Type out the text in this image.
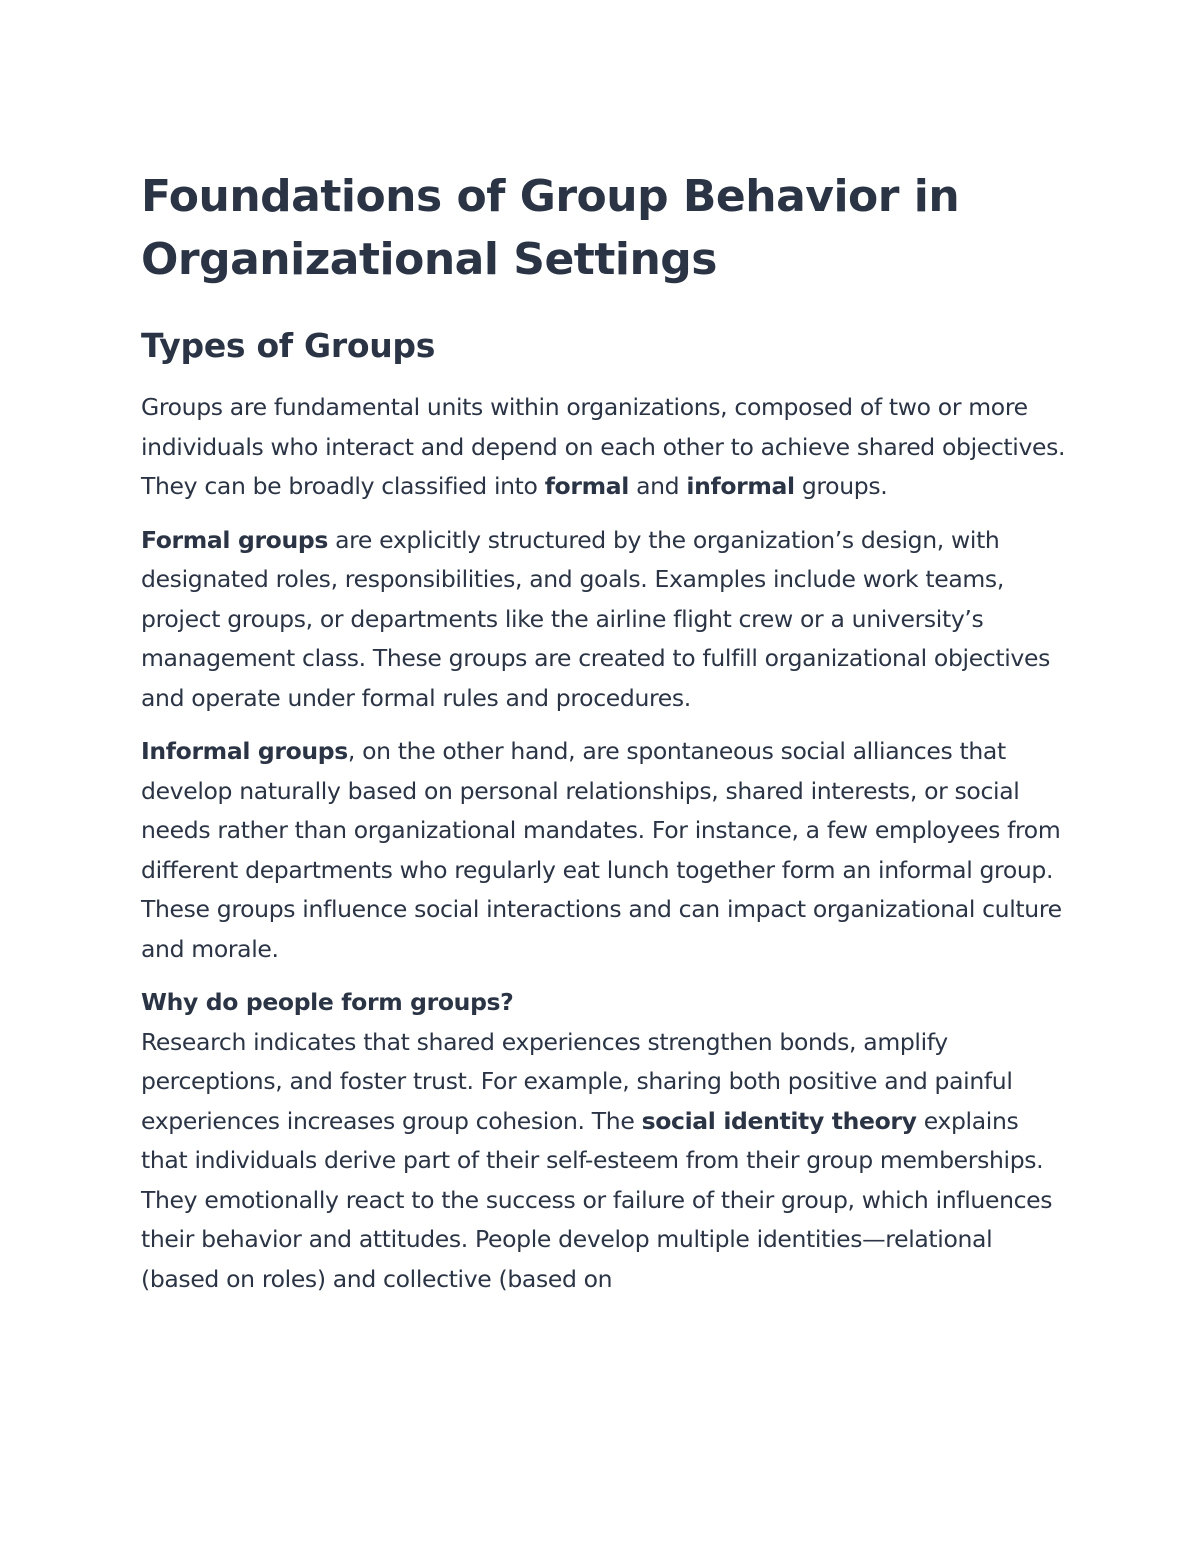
Foundations of Group Behavior in Organizational Settings
Types of Groups

Groups are fundamental units within organizations, composed of two or more individuals who interact and depend on each other to achieve shared objectives. They can be broadly classified into formal and informal groups.

Formal groups are explicitly structured by the organization’s design, with designated roles, responsibilities, and goals. Examples include work teams, project groups, or departments like the airline flight crew or a university’s management class. These groups are created to fulfill organizational objectives and operate under formal rules and procedures.

Informal groups, on the other hand, are spontaneous social alliances that develop naturally based on personal relationships, shared interests, or social needs rather than organizational mandates. For instance, a few employees from different departments who regularly eat lunch together form an informal group. These groups influence social interactions and can impact organizational culture and morale.

Why do people form groups?
Research indicates that shared experiences strengthen bonds, amplify perceptions, and foster trust. For example, sharing both positive and painful experiences increases group cohesion. The social identity theory explains that individuals derive part of their self-esteem from their group memberships. They emotionally react to the success or failure of their group, which influences their behavior and attitudes. People develop multiple identities—relational (based on roles) and collective (based on
